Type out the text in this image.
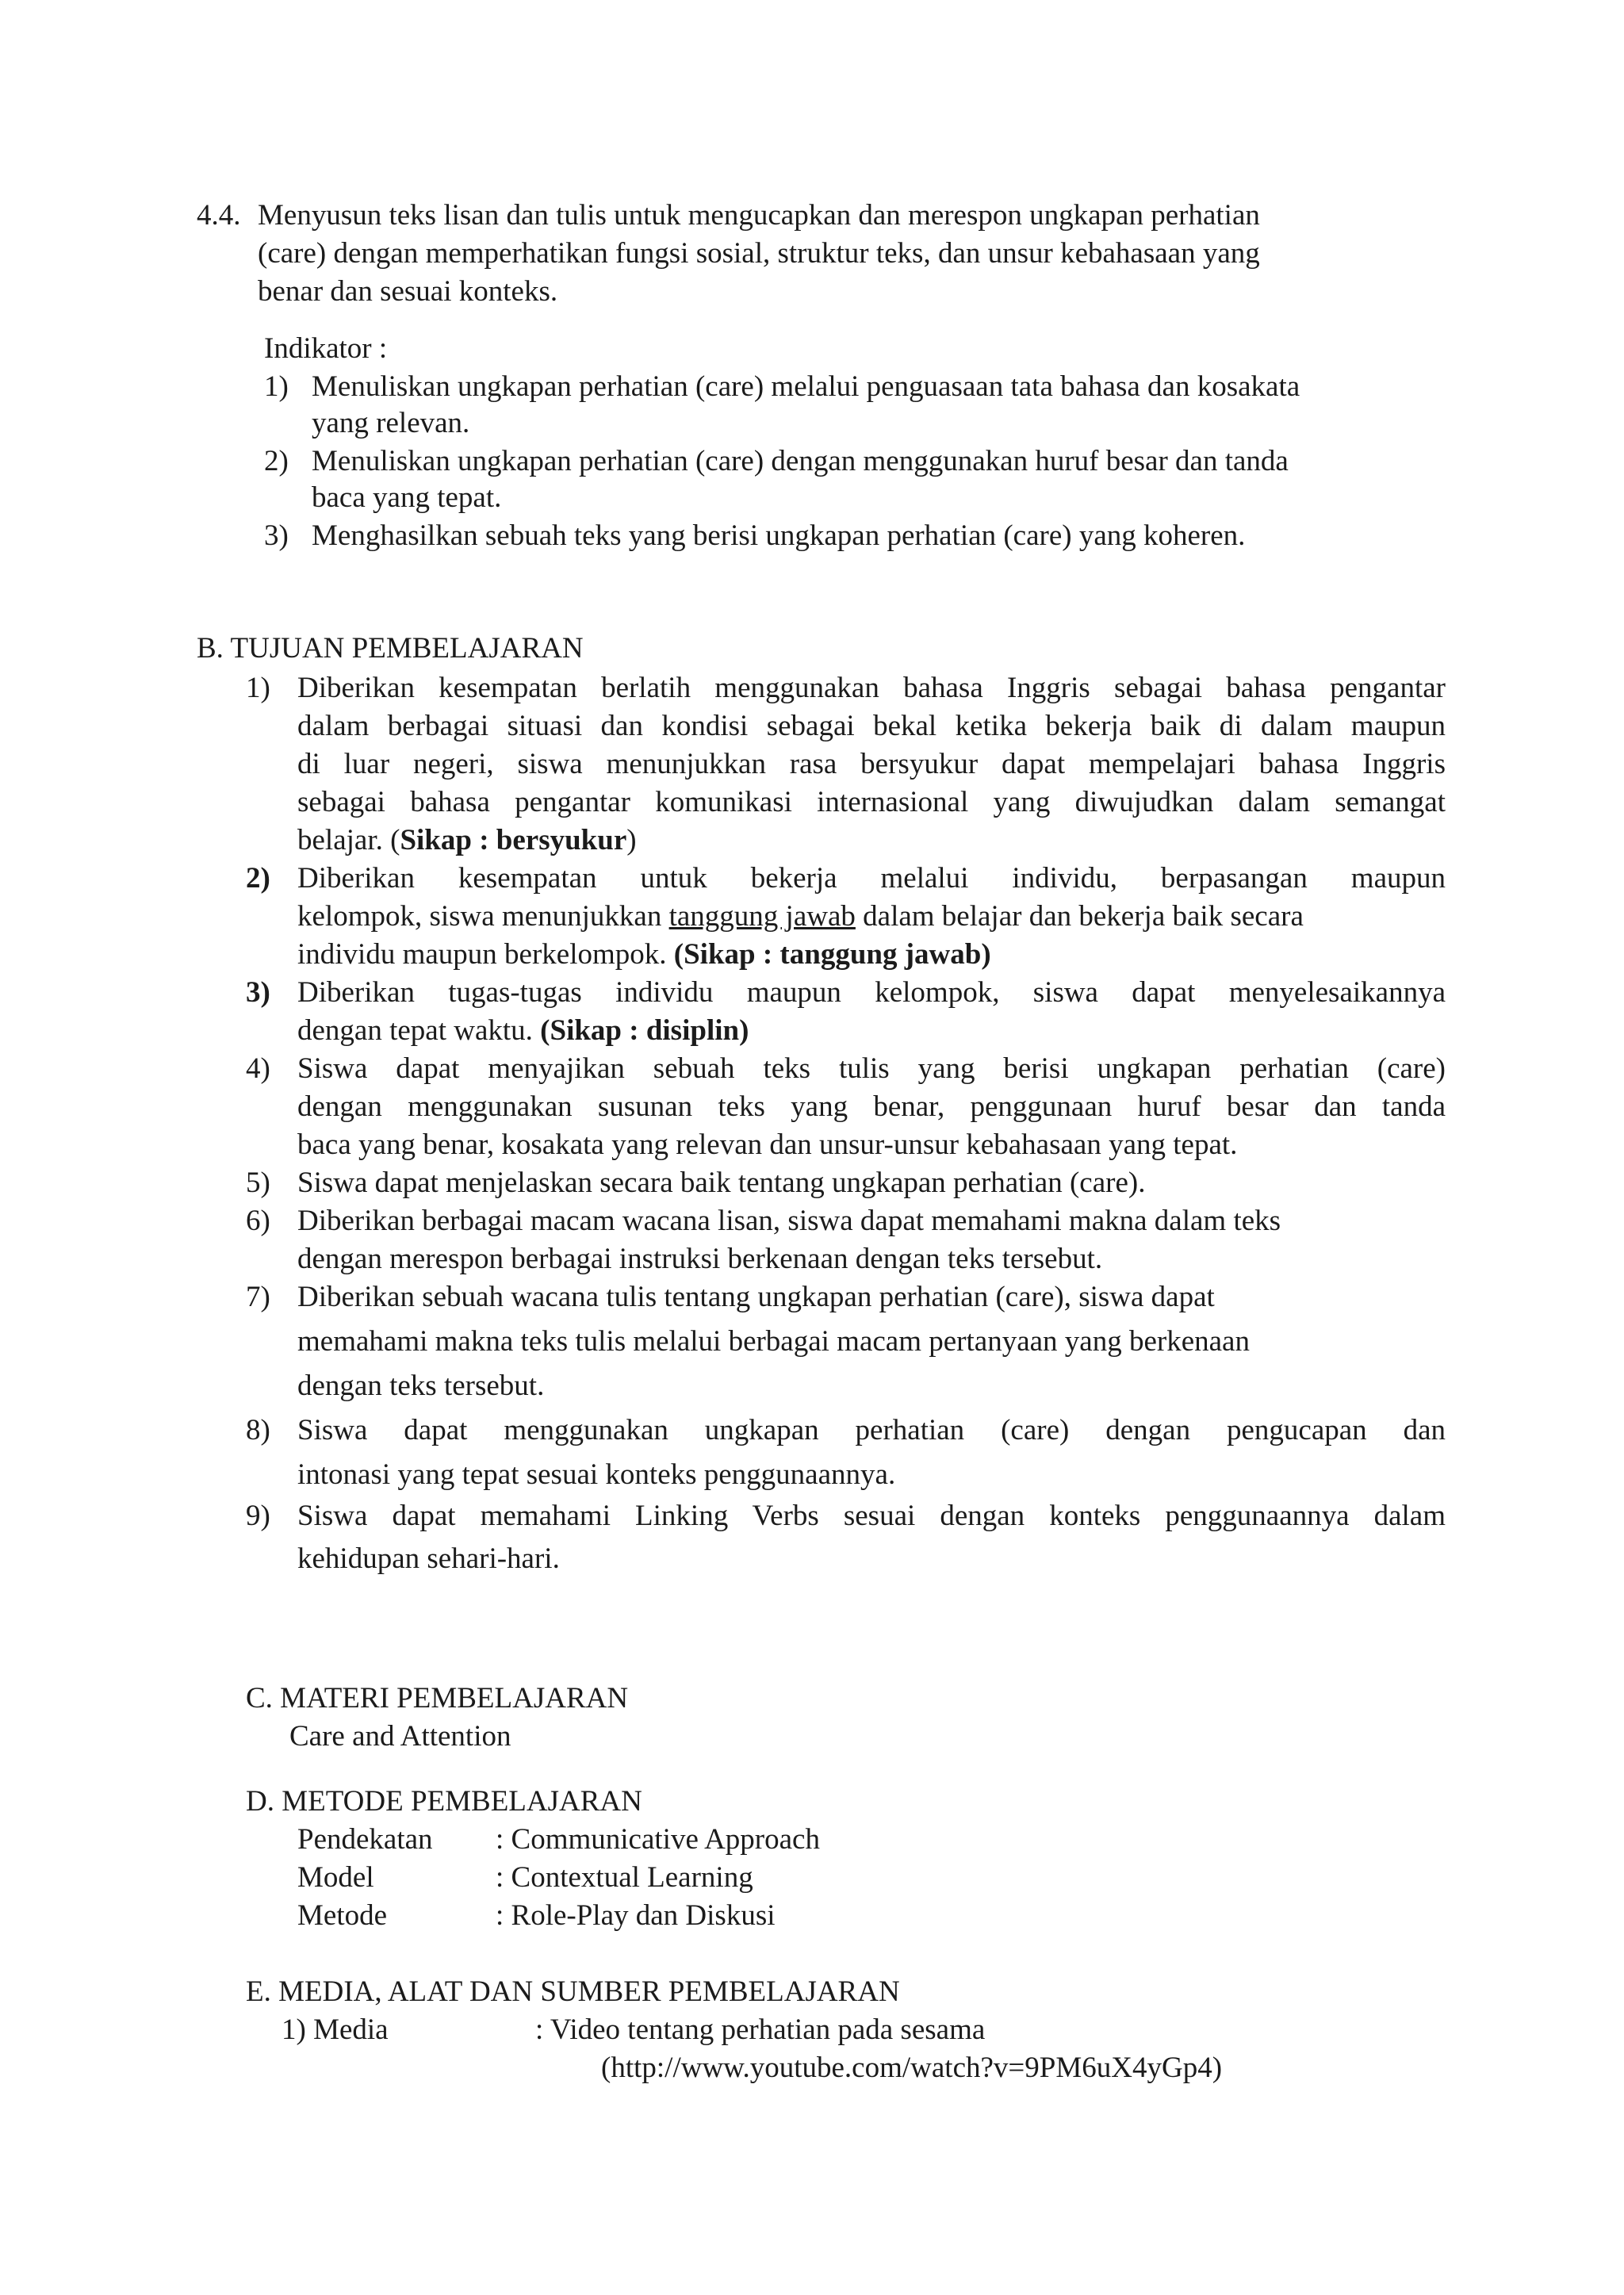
4.4. Menyusun teks lisan dan tulis untuk mengucapkan dan merespon ungkapan perhatian
(care) dengan memperhatikan fungsi sosial, struktur teks, dan unsur kebahasaan yang
benar dan sesuai konteks.
Indikator :
1) Menuliskan ungkapan perhatian (care) melalui penguasaan tata bahasa dan kosakata
yang relevan.
2) Menuliskan ungkapan perhatian (care) dengan menggunakan huruf besar dan tanda
baca yang tepat.
3) Menghasilkan sebuah teks yang berisi ungkapan perhatian (care) yang koheren.
B. TUJUAN PEMBELAJARAN
1) Diberikan kesempatan berlatih menggunakan bahasa Inggris sebagai bahasa pengantar
dalam berbagai situasi dan kondisi sebagai bekal ketika bekerja baik di dalam maupun
di luar negeri, siswa menunjukkan rasa bersyukur dapat mempelajari bahasa Inggris
sebagai bahasa pengantar komunikasi internasional yang diwujudkan dalam semangat
belajar. (Sikap : bersyukur)
2) Diberikan kesempatan untuk bekerja melalui individu, berpasangan maupun
kelompok, siswa menunjukkan tanggung jawab dalam belajar dan bekerja baik secara
individu maupun berkelompok. (Sikap : tanggung jawab)
3) Diberikan tugas-tugas individu maupun kelompok, siswa dapat menyelesaikannya
dengan tepat waktu. (Sikap : disiplin)
4) Siswa dapat menyajikan sebuah teks tulis yang berisi ungkapan perhatian (care)
dengan menggunakan susunan teks yang benar, penggunaan huruf besar dan tanda
baca yang benar, kosakata yang relevan dan unsur-unsur kebahasaan yang tepat.
5) Siswa dapat menjelaskan secara baik tentang ungkapan perhatian (care).
6) Diberikan berbagai macam wacana lisan, siswa dapat memahami makna dalam teks
dengan merespon berbagai instruksi berkenaan dengan teks tersebut.
7) Diberikan sebuah wacana tulis tentang ungkapan perhatian (care), siswa dapat
memahami makna teks tulis melalui berbagai macam pertanyaan yang berkenaan
dengan teks tersebut.
8) Siswa dapat menggunakan ungkapan perhatian (care) dengan pengucapan dan
intonasi yang tepat sesuai konteks penggunaannya.
9) Siswa dapat memahami Linking Verbs sesuai dengan konteks penggunaannya dalam
kehidupan sehari-hari.
C. MATERI PEMBELAJARAN
Care and Attention
D. METODE PEMBELAJARAN
Pendekatan : Communicative Approach
Model	: Contextual Learning
Metode	: Role-Play dan Diskusi
E. MEDIA, ALAT DAN SUMBER PEMBELAJARAN
1) Media	: Video tentang perhatian pada sesama
(http://www.youtube.com/watch?v=9PM6uX4yGp4)
